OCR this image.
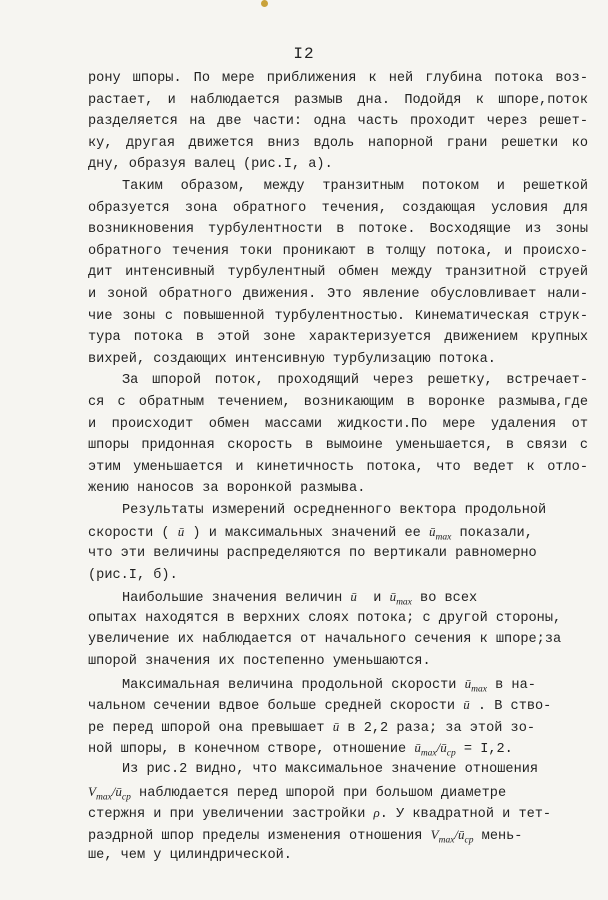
I2
рону шпоры. По мере приближения к ней глубина потока воз-
растает, и наблюдается размыв дна. Подойдя к шпоре,поток
разделяется на две части: одна часть проходит через решет-
ку, другая движется вниз вдоль напорной грани решетки ко
дну, образуя валец (рис.I, а).
Таким образом, между транзитным потоком и решеткой
образуется зона обратного течения, создающая условия для
возникновения турбулентности в потоке. Восходящие из зоны
обратного течения токи проникают в толщу потока, и происхо-
дит интенсивный турбулентный обмен между транзитной струей
и зоной обратного движения. Это явление обусловливает нали-
чие зоны с повышенной турбулентностью. Кинематическая струк-
тура потока в этой зоне характеризуется движением крупных
вихрей, создающих интенсивную турбулизацию потока.
За шпорой поток, проходящий через решетку, встречает-
ся с обратным течением, возникающим в воронке размыва,где
и происходит обмен массами жидкости.По мере удаления от
шпоры придонная скорость в вымоине уменьшается, в связи с
этим уменьшается и кинетичность потока, что ведет к отло-
жению наносов за воронкой размыва.
Результаты измерений осредненного вектора продольной
скорости ( ū ) и максимальных значений ее $ū_{max}$ показали,
что эти величины распределяются по вертикали равномерно
(рис.I, б).
Наибольшие значения величин ū  и $ū_{max}$ во всех
опытах находятся в верхних слоях потока; с другой стороны,
увеличение их наблюдается от начального сечения к шпоре;за
шпорой значения их постепенно уменьшаются.
Максимальная величина продольной скорости $ū_{max}$ в на-
чальном сечении вдвое больше средней скорости ū . В ство-
ре перед шпорой она превышает ū в 2,2 раза; за этой зо-
ной шпоры, в конечном створе, отношение $ū_{max}/ū_{ср} = I,2$.
Из рис.2 видно, что максимальное значение отношения
$V_{max}/ū_{ср}$ наблюдается перед шпорой при большом диаметре
стержня и при увеличении застройки ρ. У квадратной и тет-
раэдрной шпор пределы изменения отношения $V_{max}/ū_{ср}$ мень-
ше, чем у цилиндрической.
